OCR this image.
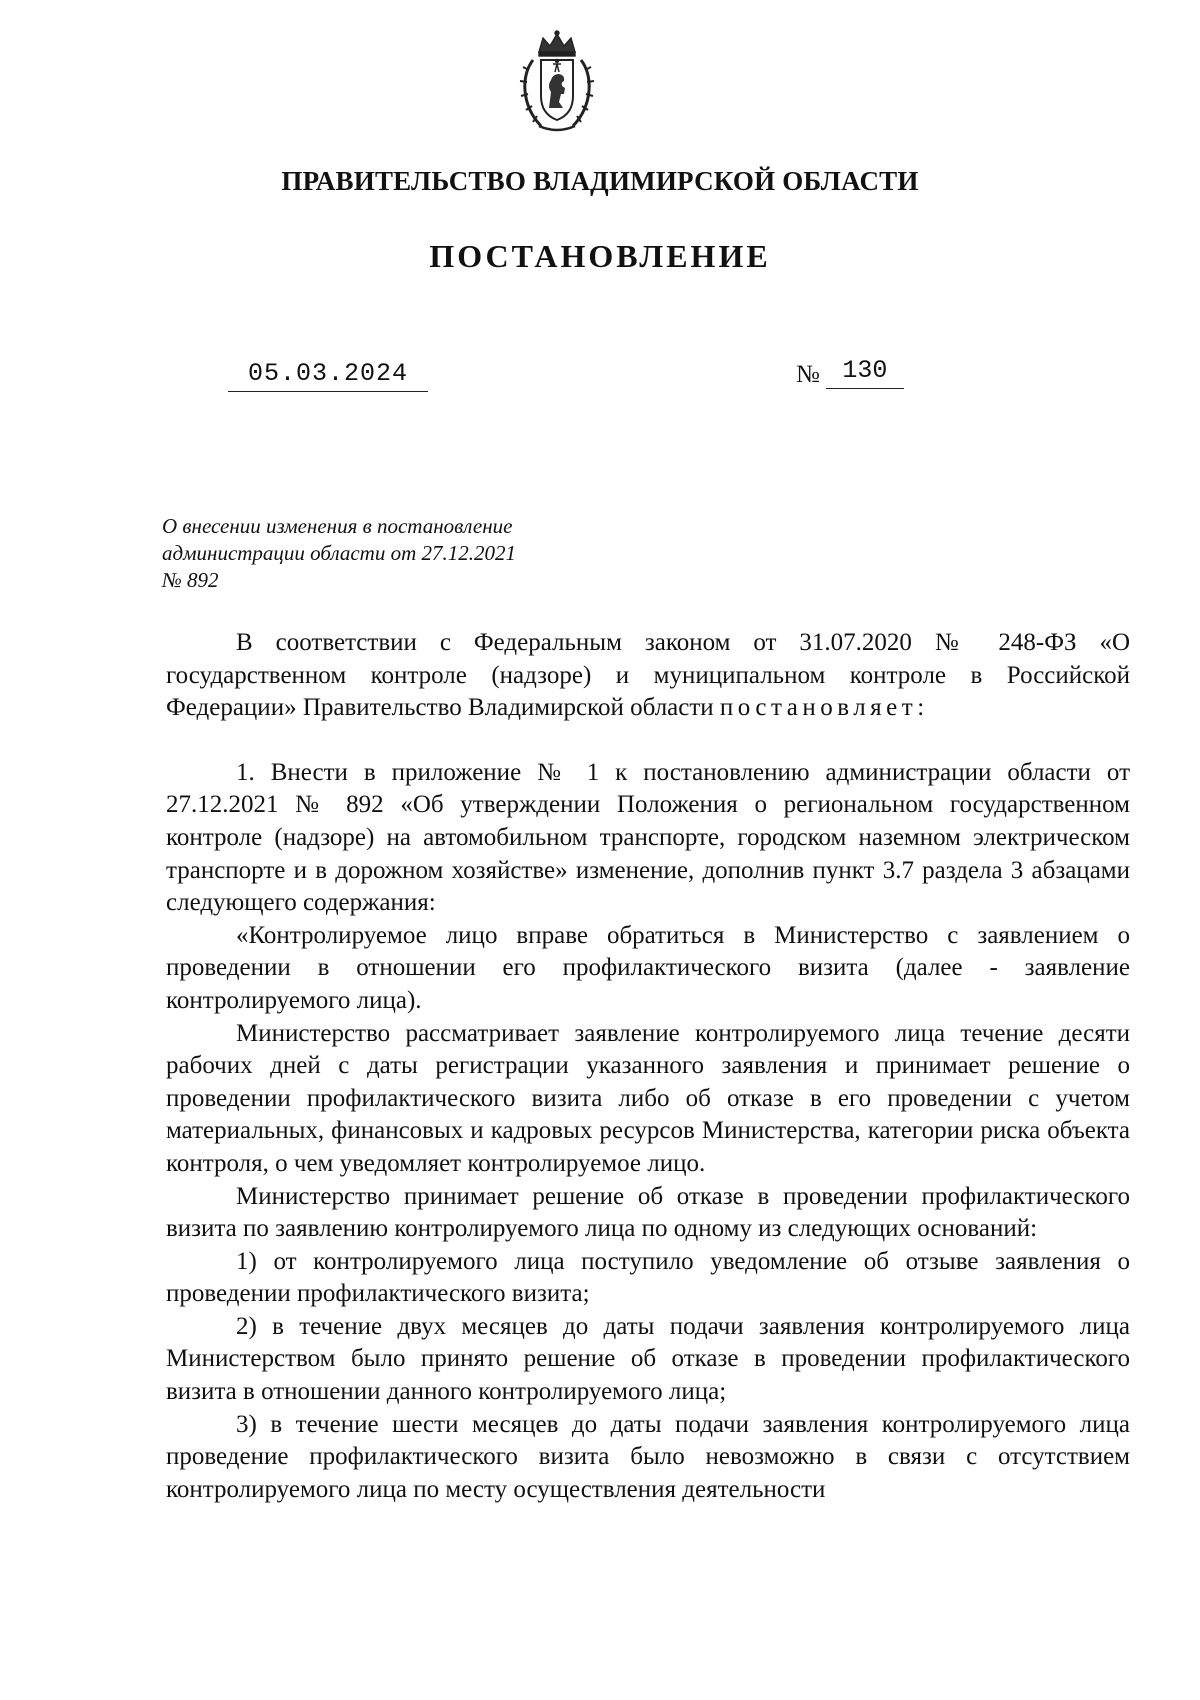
ПРАВИТЕЛЬСТВО ВЛАДИМИРСКОЙ ОБЛАСТИ
ПОСТАНОВЛЕНИЕ
05.03.2024	№ 130
О внесении изменения в постановление
администрации области от 27.12.2021
№ 892

В соответствии с Федеральным законом от 31.07.2020 № 248-ФЗ «О государственном контроле (надзоре) и муниципальном контроле в Российской Федерации» Правительство Владимирской области постановляет:

1. Внести в приложение № 1 к постановлению администрации области от 27.12.2021 № 892 «Об утверждении Положения о региональном государственном контроле (надзоре) на автомобильном транспорте, городском наземном электрическом транспорте и в дорожном хозяйстве» изменение, дополнив пункт 3.7 раздела 3 абзацами следующего содержания:

«Контролируемое лицо вправе обратиться в Министерство с заявлением о проведении в отношении его профилактического визита (далее - заявление контролируемого лица).

Министерство рассматривает заявление контролируемого лица течение десяти рабочих дней с даты регистрации указанного заявления и принимает решение о проведении профилактического визита либо об отказе в его проведении с учетом материальных, финансовых и кадровых ресурсов Министерства, категории риска объекта контроля, о чем уведомляет контролируемое лицо.

Министерство принимает решение об отказе в проведении профилактического визита по заявлению контролируемого лица по одному из следующих оснований:

1) от контролируемого лица поступило уведомление об отзыве заявления о проведении профилактического визита;

2) в течение двух месяцев до даты подачи заявления контролируемого лица Министерством было принято решение об отказе в проведении профилактического визита в отношении данного контролируемого лица;

3) в течение шести месяцев до даты подачи заявления контролируемого лица проведение профилактического визита было невозможно в связи с отсутствием контролируемого лица по месту осуществления деятельности
